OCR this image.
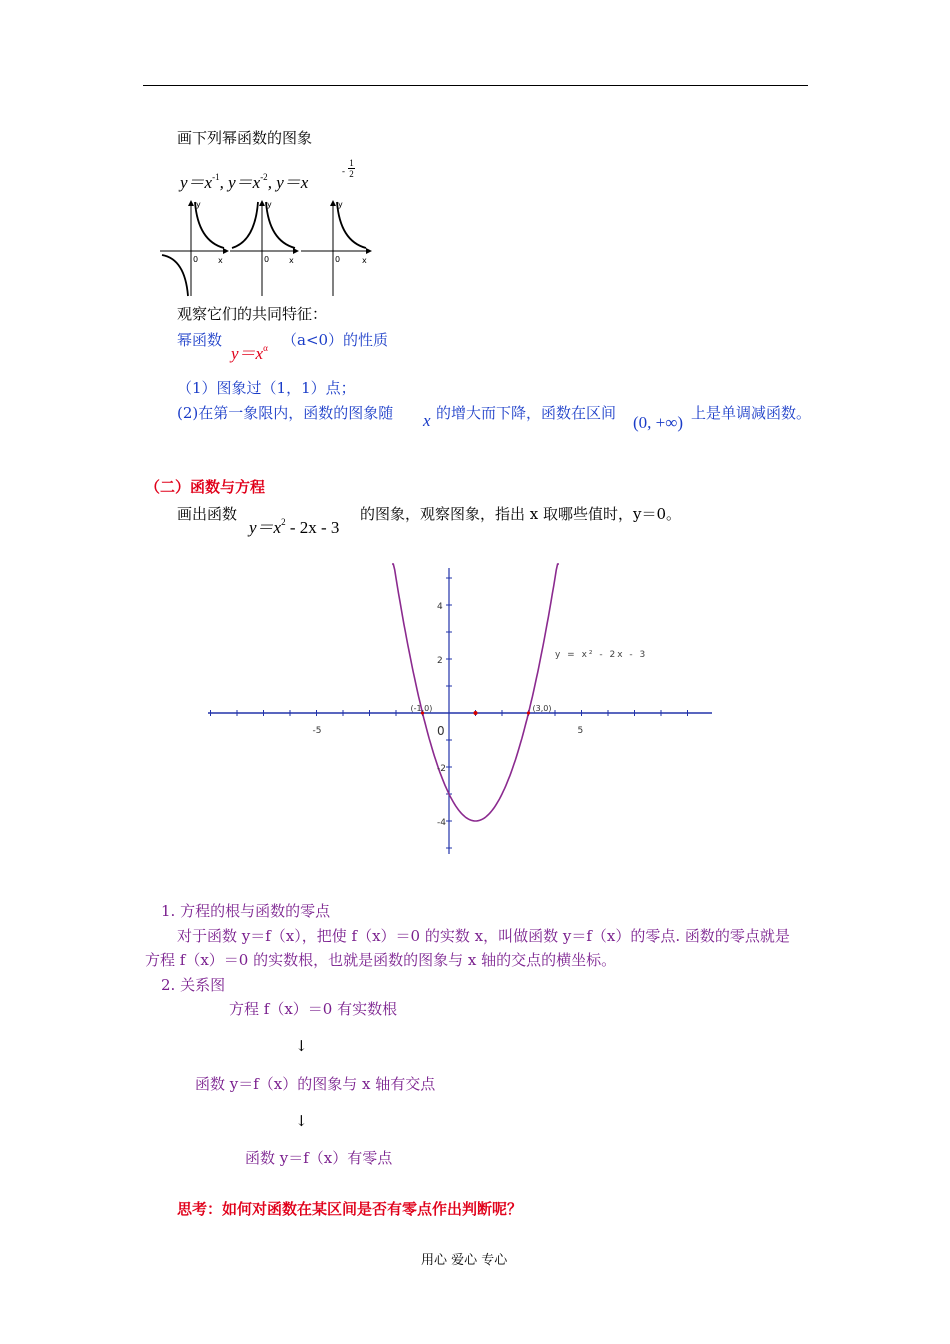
画下列幂函数的图象
$y=x^{-1}$, $y=x^{-2}$, y＝x
-
1
2
y
0 x
y
0 x
y
0	x
观察它们的共同特征：
幂函数
$y=x^\alpha$ （a<0）的性质
（1）图象过（1，1）点；
(2)在第一象限内，函数的图象随 x 的增大而下降，函数在区间 (0, +∞) 上是单调减函数。
（二）函数与方程
画出函数
$y=x^2 - 2x - 3$
的图象，观察图象，指出 x 取哪些值时，y＝0。
-5	0	5
4
2
-2
-4
(-1,0)	(3,0)
y = x² - 2x - 3
1. 方程的根与函数的零点
对于函数 y＝f（x），把使 f（x）＝0 的实数 x，叫做函数 y＝f（x）的零点. 函数的零点就是
方程 f（x）＝0 的实数根，也就是函数的图象与 x 轴的交点的横坐标。
2. 关系图
方程 f（x）＝0 有实数根
↓
函数 y＝f（x）的图象与 x 轴有交点
↓
函数 y＝f（x）有零点
思考：如何对函数在某区间是否有零点作出判断呢？
用心 爱心 专心
